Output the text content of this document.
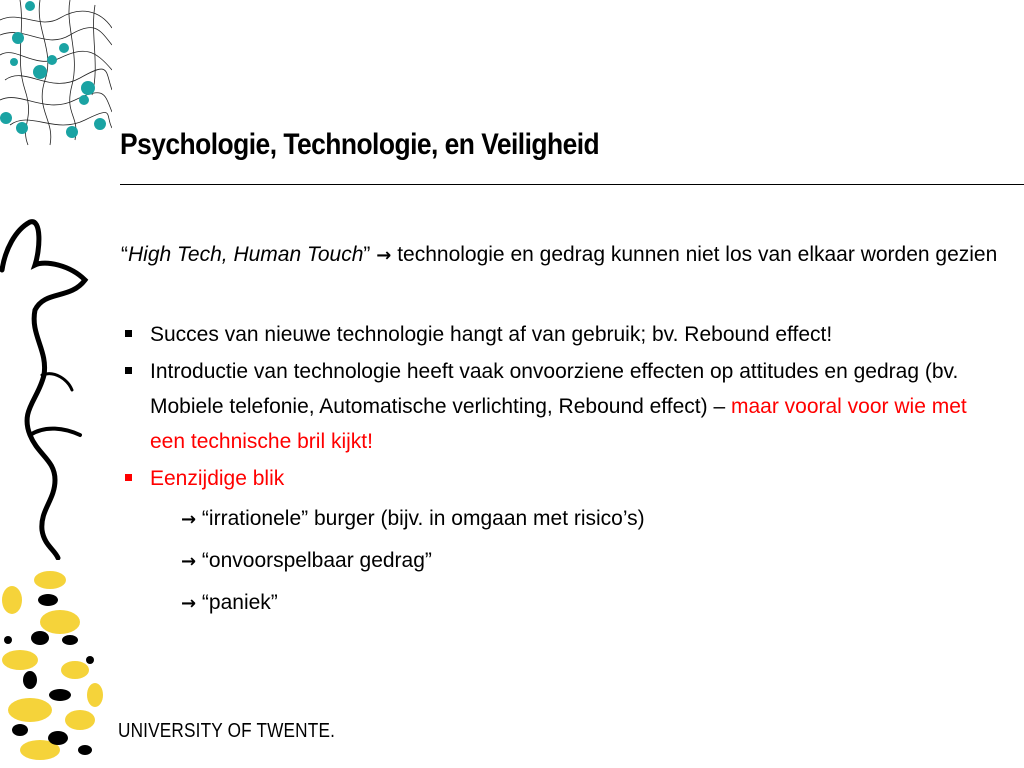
Psychologie, Technologie, en Veiligheid

“High Tech, Human Touch” → technologie en gedrag kunnen niet los van elkaar worden gezien

Succes van nieuwe technologie hangt af van gebruik; bv. Rebound effect!
Introductie van technologie heeft vaak onvoorziene effecten op attitudes en gedrag (bv. Mobiele telefonie, Automatische verlichting, Rebound effect) – maar vooral voor wie met een technische bril kijkt!
Eenzijdige blik
→ “irrationele” burger (bijv. in omgaan met risico’s)
→ “onvoorspelbaar gedrag”
→ “paniek”
UNIVERSITY OF TWENTE.
